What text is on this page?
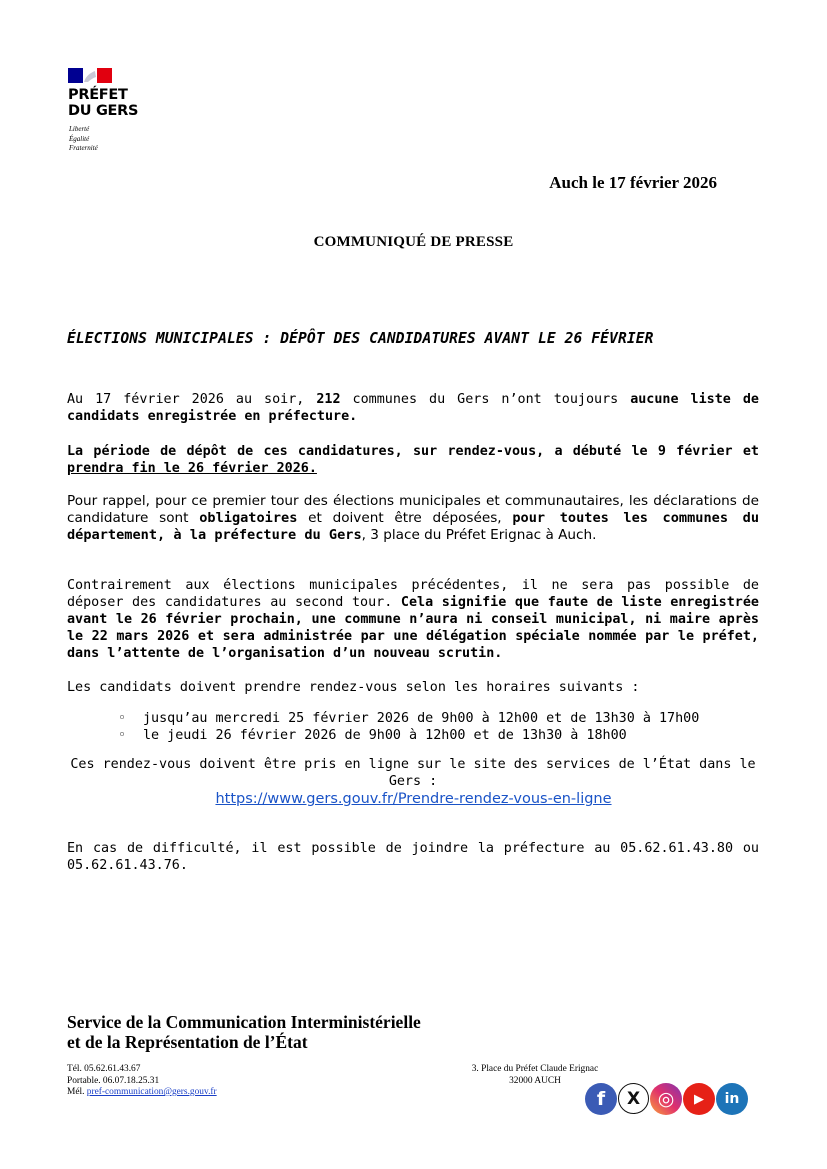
PRÉFET
DU GERS
Liberté
Égalité
Fraternité
Auch le 17 février 2026
COMMUNIQUÉ DE PRESSE
ÉLECTIONS MUNICIPALES : DÉPÔT DES CANDIDATURES AVANT LE 26 FÉVRIER
Au 17 février 2026 au soir, 212 communes du Gers n’ont toujours aucune liste de candidats enregistrée en préfecture.
La période de dépôt de ces candidatures, sur rendez-vous, a débuté le 9 février et prendra fin le 26 février 2026.
Pour rappel, pour ce premier tour des élections municipales et communautaires, les déclarations de candidature sont obligatoires et doivent être déposées, pour toutes les communes du département, à la préfecture du Gers, 3 place du Préfet Erignac à Auch.
Contrairement aux élections municipales précédentes, il ne sera pas possible de déposer des candidatures au second tour. Cela signifie que faute de liste enregistrée avant le 26 février prochain, une commune n’aura ni conseil municipal, ni maire après le 22 mars 2026 et sera administrée par une délégation spéciale nommée par le préfet, dans l’attente de l’organisation d’un nouveau scrutin.
Les candidats doivent prendre rendez-vous selon les horaires suivants :
◦ jusqu’au mercredi 25 février 2026 de 9h00 à 12h00 et de 13h30 à 17h00
◦ le jeudi 26 février 2026 de 9h00 à 12h00 et de 13h30 à 18h00
Ces rendez-vous doivent être pris en ligne sur le site des services de l’État dans le Gers :
https://www.gers.gouv.fr/Prendre-rendez-vous-en-ligne
En cas de difficulté, il est possible de joindre la préfecture au 05.62.61.43.80 ou 05.62.61.43.76.
Service de la Communication Interministérielle
et de la Représentation de l’État
Tél. 05.62.61.43.67
Portable. 06.07.18.25.31
Mél. pref-communication@gers.gouv.fr
3. Place du Préfet Claude Erignac
32000 AUCH
f X ◎ ▶ in
